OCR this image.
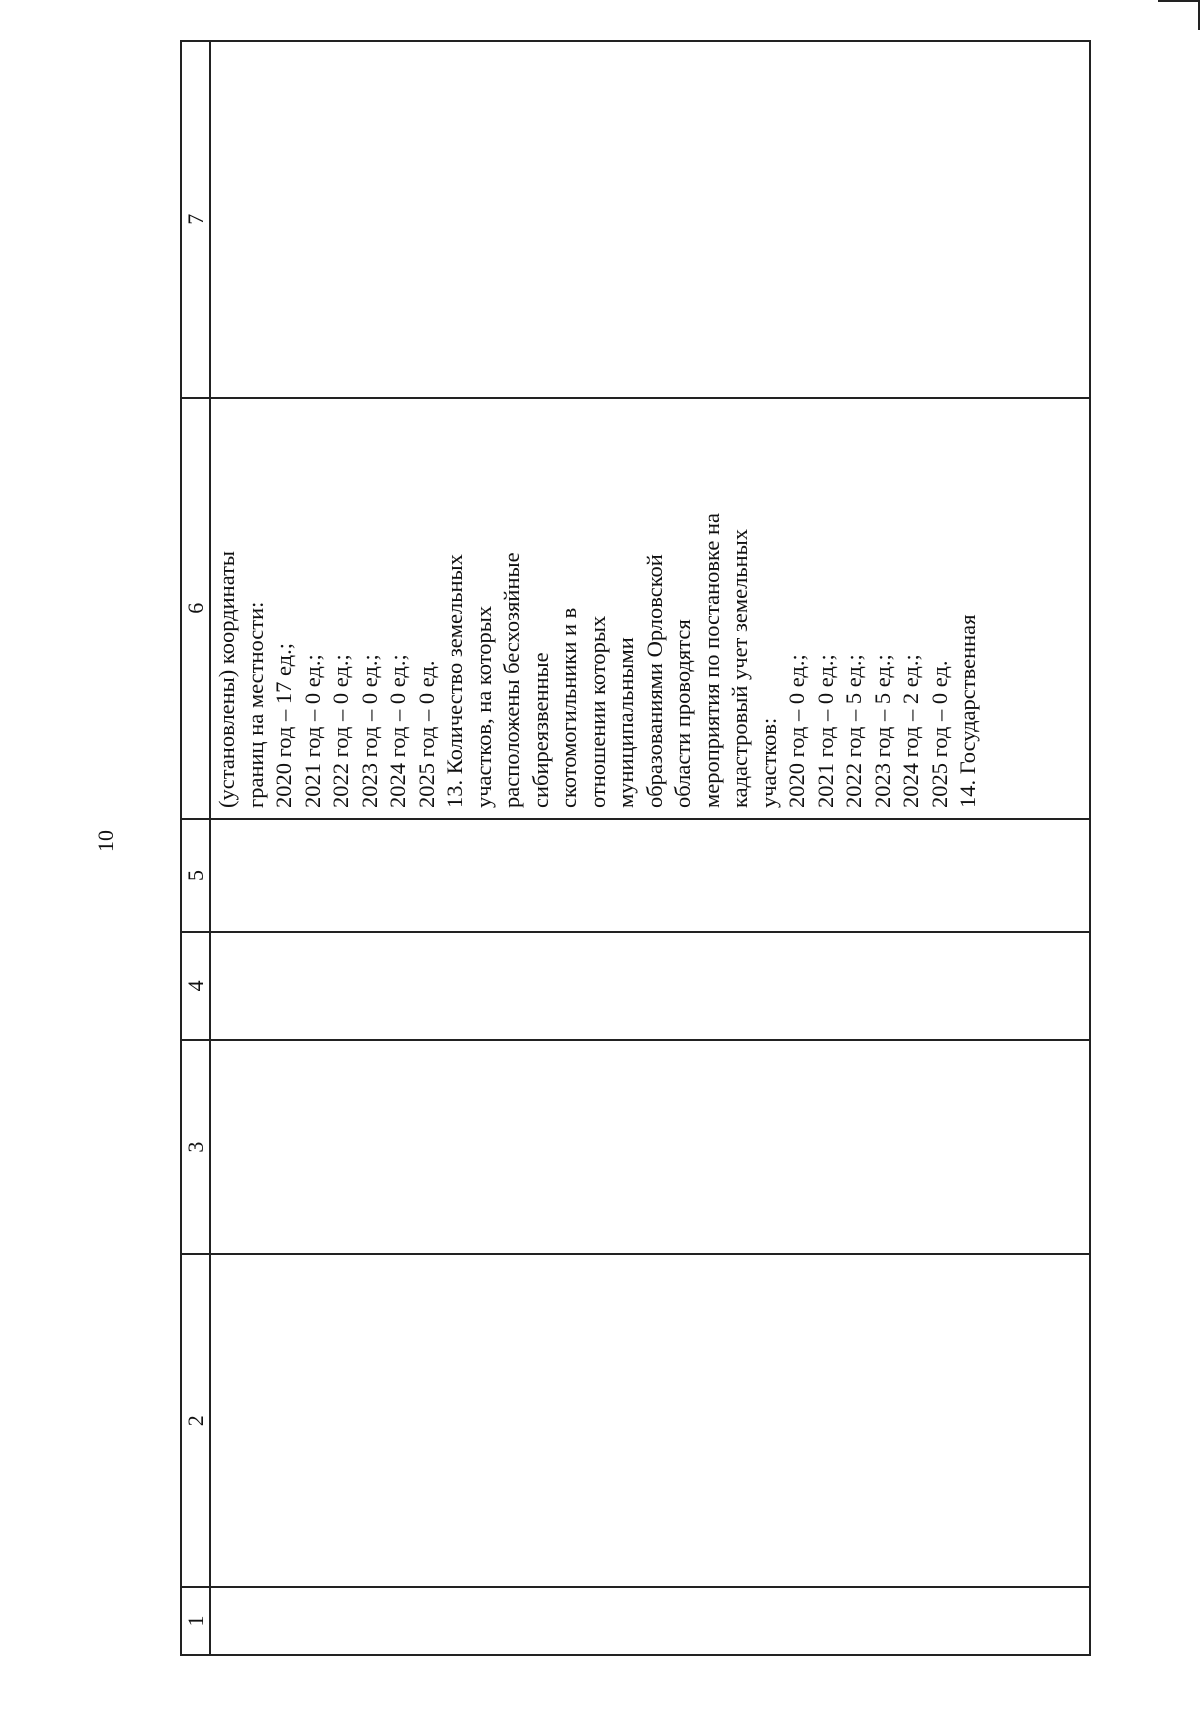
10
1
2
3
4
5
6 (установлены) координаты границ на местности: 2020 год – 17 ед.; 2021 год – 0 ед.; 2022 год – 0 ед.; 2023 год – 0 ед.; 2024 год – 0 ед.; 2025 год – 0 ед. 13. Количество земельных участков, на которых расположены бесхозяйные сибиреязвенные скотомогильники и в отношении которых муниципальными образованиями Орловской области проводятся мероприятия по постановке на кадастровый учет земельных участков: 2020 год – 0 ед.; 2021 год – 0 ед.; 2022 год – 5 ед.; 2023 год – 5 ед.; 2024 год – 2 ед.; 2025 год – 0 ед. 14. Государственная
7
